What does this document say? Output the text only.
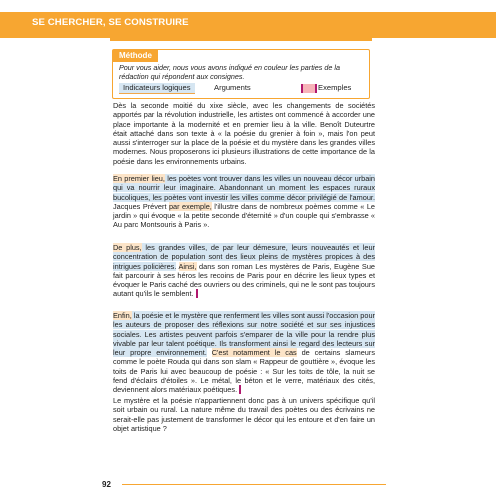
SE CHERCHER, SE CONSTRUIRE
Méthode
Pour vous aider, nous vous avons indiqué en couleur les parties de la rédaction qui répondent aux consignes.
Indicateurs logiques	Arguments	Exemples
Dès la seconde moitié du xixe siècle, avec les changements de sociétés apportés par la révolution industrielle, les artistes ont commencé à accorder une place importante à la modernité et en premier lieu à la ville. Benoît Duteurtre était attaché dans son texte à « la poésie du grenier à foin », mais l'on peut aussi s'interroger sur la place de la poésie et du mystère dans les grandes villes modernes. Nous proposerons ici plusieurs illustrations de cette importance de la poésie dans les environnements urbains.
En premier lieu, les poètes vont trouver dans les villes un nouveau décor urbain qui va nourrir leur imaginaire. Abandonnant un moment les espaces ruraux bucoliques, les poètes vont investir les villes comme décor privilégié de l'amour. Jacques Prévert par exemple, l'illustre dans de nombreux poèmes comme « Le jardin » qui évoque « la petite seconde d'éternité » d'un couple qui s'embrasse « Au parc Montsouris à Paris ».
De plus, les grandes villes, de par leur démesure, leurs nouveautés et leur concentration de population sont des lieux pleins de mystères propices à des intrigues policières. Ainsi, dans son roman Les mystères de Paris, Eugène Sue fait parcourir à ses héros les recoins de Paris pour en décrire les lieux types et évoquer le Paris caché des ouvriers ou des criminels, qui ne le sont pas toujours autant qu'ils le semblent.
Enfin, la poésie et le mystère que renferment les villes sont aussi l'occasion pour les auteurs de proposer des réflexions sur notre société et sur ses injustices sociales. Les artistes peuvent parfois s'emparer de la ville pour la rendre plus vivable par leur talent poétique. Ils transforment ainsi le regard des lecteurs sur leur propre environnement. C'est notamment le cas de certains slameurs comme le poète Rouda qui dans son slam « Rappeur de gouttière », évoque les toits de Paris lui avec beaucoup de poésie : « Sur les toits de tôle, la nuit se fend d'éclairs d'étoiles ». Le métal, le béton et le verre, matériaux des cités, deviennent alors matériaux poétiques.
Le mystère et la poésie n'appartiennent donc pas à un univers spécifique qu'il soit urbain ou rural. La nature même du travail des poètes ou des écrivains ne serait-elle pas justement de transformer le décor qui les entoure et d'en faire un objet artistique ?
92
